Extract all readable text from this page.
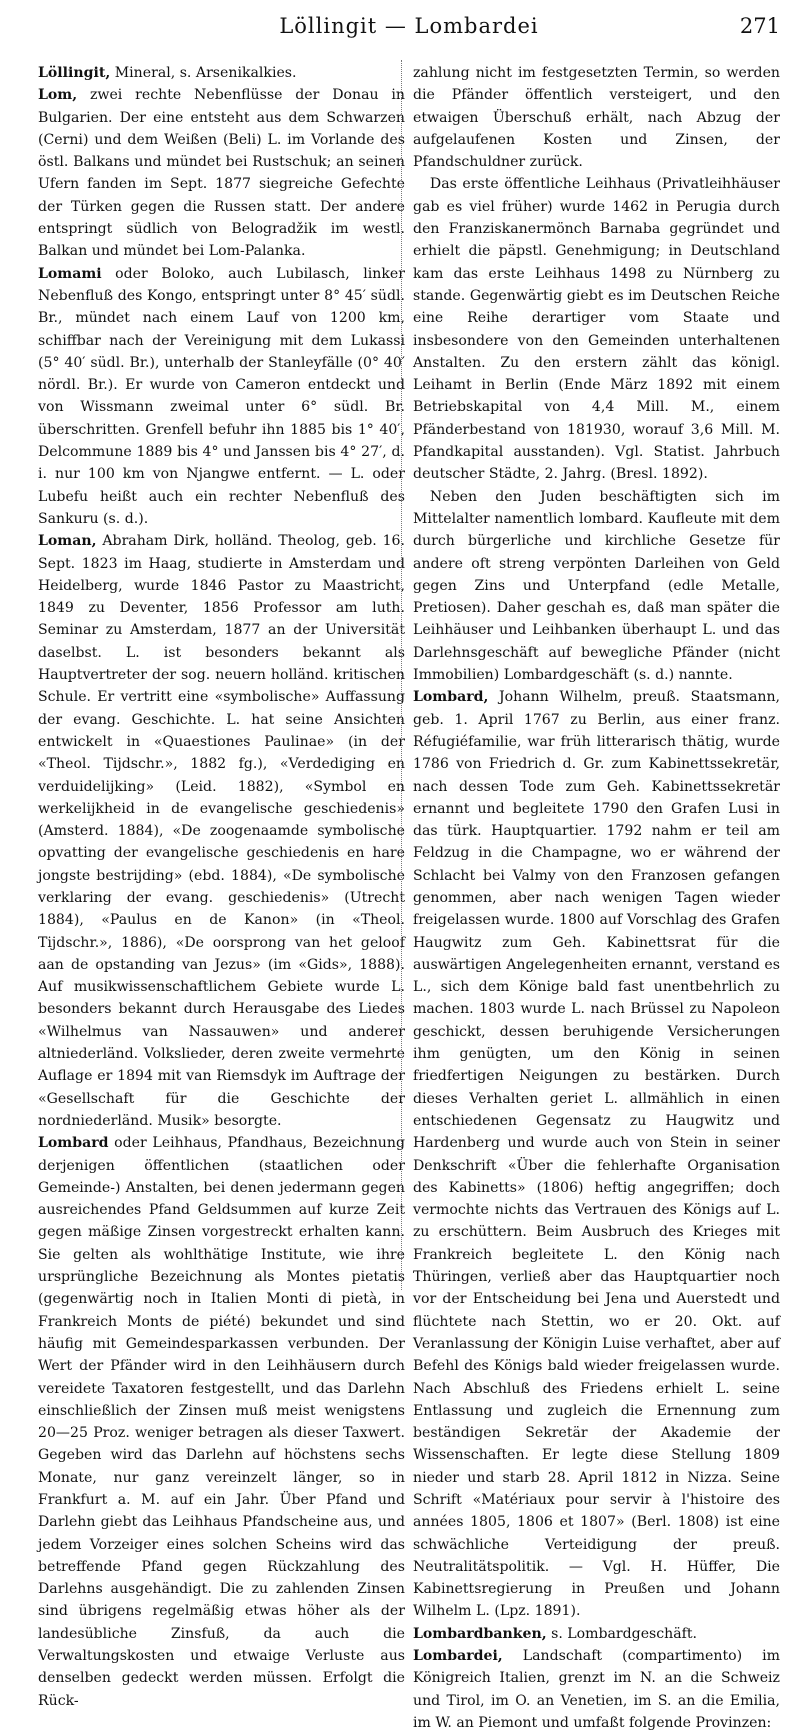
Löllingit — Lombardei	271

Löllingit, Mineral, s. Arsenikalkies.

Lom, zwei rechte Nebenflüsse der Donau in Bulgarien. Der eine entsteht aus dem Schwarzen (Cerni) und dem Weißen (Beli) L. im Vorlande des östl. Balkans und mündet bei Rustschuk; an seinen Ufern fanden im Sept. 1877 siegreiche Gefechte der Türken gegen die Russen statt. Der andere entspringt südlich von Belogradžik im westl. Balkan und mündet bei Lom-Palanka.

Lomami oder Boloko, auch Lubilasch, linker Nebenfluß des Kongo, entspringt unter 8° 45′ südl. Br., mündet nach einem Lauf von 1200 km, schiffbar nach der Vereinigung mit dem Lukassi (5° 40′ südl. Br.), unterhalb der Stanleyfälle (0° 40′ nördl. Br.). Er wurde von Cameron entdeckt und von Wissmann zweimal unter 6° südl. Br. überschritten. Grenfell befuhr ihn 1885 bis 1° 40′, Delcommune 1889 bis 4° und Janssen bis 4° 27′, d. i. nur 100 km von Njangwe entfernt. — L. oder Lubefu heißt auch ein rechter Nebenfluß des Sankuru (s. d.).

Loman, Abraham Dirk, holländ. Theolog, geb. 16. Sept. 1823 im Haag, studierte in Amsterdam und Heidelberg, wurde 1846 Pastor zu Maastricht, 1849 zu Deventer, 1856 Professor am luth. Seminar zu Amsterdam, 1877 an der Universität daselbst. L. ist besonders bekannt als Hauptvertreter der sog. neuern holländ. kritischen Schule. Er vertritt eine «symbolische» Auffassung der evang. Geschichte. L. hat seine Ansichten entwickelt in «Quaestiones Paulinae» (in der «Theol. Tijdschr.», 1882 fg.), «Verdediging en verduidelijking» (Leid. 1882), «Symbol en werkelijkheid in de evangelische geschiedenis» (Amsterd. 1884), «De zoogenaamde symbolische opvatting der evangelische geschiedenis en hare jongste bestrijding» (ebd. 1884), «De symbolische verklaring der evang. geschiedenis» (Utrecht 1884), «Paulus en de Kanon» (in «Theol. Tijdschr.», 1886), «De oorsprong van het geloof aan de opstanding van Jezus» (im «Gids», 1888). Auf musikwissenschaftlichem Gebiete wurde L. besonders bekannt durch Herausgabe des Liedes «Wilhelmus van Nassauwen» und anderer altniederländ. Volkslieder, deren zweite vermehrte Auflage er 1894 mit van Riemsdyk im Auftrage der «Gesellschaft für die Geschichte der nordniederländ. Musik» besorgte.

Lombard oder Leihhaus, Pfandhaus, Bezeichnung derjenigen öffentlichen (staatlichen oder Gemeinde-) Anstalten, bei denen jedermann gegen ausreichendes Pfand Geldsummen auf kurze Zeit gegen mäßige Zinsen vorgestreckt erhalten kann. Sie gelten als wohlthätige Institute, wie ihre ursprüngliche Bezeichnung als Montes pietatis (gegenwärtig noch in Italien Monti di pietà, in Frankreich Monts de piété) bekundet und sind häufig mit Gemeindesparkassen verbunden. Der Wert der Pfänder wird in den Leihhäusern durch vereidete Taxatoren festgestellt, und das Darlehn einschließlich der Zinsen muß meist wenigstens 20—25 Proz. weniger betragen als dieser Taxwert. Gegeben wird das Darlehn auf höchstens sechs Monate, nur ganz vereinzelt länger, so in Frankfurt a. M. auf ein Jahr. Über Pfand und Darlehn giebt das Leihhaus Pfandscheine aus, und jedem Vorzeiger eines solchen Scheins wird das betreffende Pfand gegen Rückzahlung des Darlehns ausgehändigt. Die zu zahlenden Zinsen sind übrigens regelmäßig etwas höher als der landesübliche Zinsfuß, da auch die Verwaltungskosten und etwaige Verluste aus denselben gedeckt werden müssen. Erfolgt die Rück-

zahlung nicht im festgesetzten Termin, so werden die Pfänder öffentlich versteigert, und den etwaigen Überschuß erhält, nach Abzug der aufgelaufenen Kosten und Zinsen, der Pfandschuldner zurück.

Das erste öffentliche Leihhaus (Privatleihhäuser gab es viel früher) wurde 1462 in Perugia durch den Franziskanermönch Barnaba gegründet und erhielt die päpstl. Genehmigung; in Deutschland kam das erste Leihhaus 1498 zu Nürnberg zu stande. Gegenwärtig giebt es im Deutschen Reiche eine Reihe derartiger vom Staate und insbesondere von den Gemeinden unterhaltenen Anstalten. Zu den erstern zählt das königl. Leihamt in Berlin (Ende März 1892 mit einem Betriebskapital von 4,4 Mill. M., einem Pfänderbestand von 181930, worauf 3,6 Mill. M. Pfandkapital ausstanden). Vgl. Statist. Jahrbuch deutscher Städte, 2. Jahrg. (Bresl. 1892).

Neben den Juden beschäftigten sich im Mittelalter namentlich lombard. Kaufleute mit dem durch bürgerliche und kirchliche Gesetze für andere oft streng verpönten Darleihen von Geld gegen Zins und Unterpfand (edle Metalle, Pretiosen). Daher geschah es, daß man später die Leihhäuser und Leihbanken überhaupt L. und das Darlehnsgeschäft auf bewegliche Pfänder (nicht Immobilien) Lombardgeschäft (s. d.) nannte.

Lombard, Johann Wilhelm, preuß. Staatsmann, geb. 1. April 1767 zu Berlin, aus einer franz. Réfugiéfamilie, war früh litterarisch thätig, wurde 1786 von Friedrich d. Gr. zum Kabinettssekretär, nach dessen Tode zum Geh. Kabinettssekretär ernannt und begleitete 1790 den Grafen Lusi in das türk. Hauptquartier. 1792 nahm er teil am Feldzug in die Champagne, wo er während der Schlacht bei Valmy von den Franzosen gefangen genommen, aber nach wenigen Tagen wieder freigelassen wurde. 1800 auf Vorschlag des Grafen Haugwitz zum Geh. Kabinettsrat für die auswärtigen Angelegenheiten ernannt, verstand es L., sich dem Könige bald fast unentbehrlich zu machen. 1803 wurde L. nach Brüssel zu Napoleon geschickt, dessen beruhigende Versicherungen ihm genügten, um den König in seinen friedfertigen Neigungen zu bestärken. Durch dieses Verhalten geriet L. allmählich in einen entschiedenen Gegensatz zu Haugwitz und Hardenberg und wurde auch von Stein in seiner Denkschrift «Über die fehlerhafte Organisation des Kabinetts» (1806) heftig angegriffen; doch vermochte nichts das Vertrauen des Königs auf L. zu erschüttern. Beim Ausbruch des Krieges mit Frankreich begleitete L. den König nach Thüringen, verließ aber das Hauptquartier noch vor der Entscheidung bei Jena und Auerstedt und flüchtete nach Stettin, wo er 20. Okt. auf Veranlassung der Königin Luise verhaftet, aber auf Befehl des Königs bald wieder freigelassen wurde. Nach Abschluß des Friedens erhielt L. seine Entlassung und zugleich die Ernennung zum beständigen Sekretär der Akademie der Wissenschaften. Er legte diese Stellung 1809 nieder und starb 28. April 1812 in Nizza. Seine Schrift «Matériaux pour servir à l'histoire des années 1805, 1806 et 1807» (Berl. 1808) ist eine schwächliche Verteidigung der preuß. Neutralitätspolitik. — Vgl. H. Hüffer, Die Kabinettsregierung in Preußen und Johann Wilhelm L. (Lpz. 1891).

Lombardbanken, s. Lombardgeschäft.

Lombardei, Landschaft (compartimento) im Königreich Italien, grenzt im N. an die Schweiz und Tirol, im O. an Venetien, im S. an die Emilia, im W. an Piemont und umfaßt folgende Provinzen:
